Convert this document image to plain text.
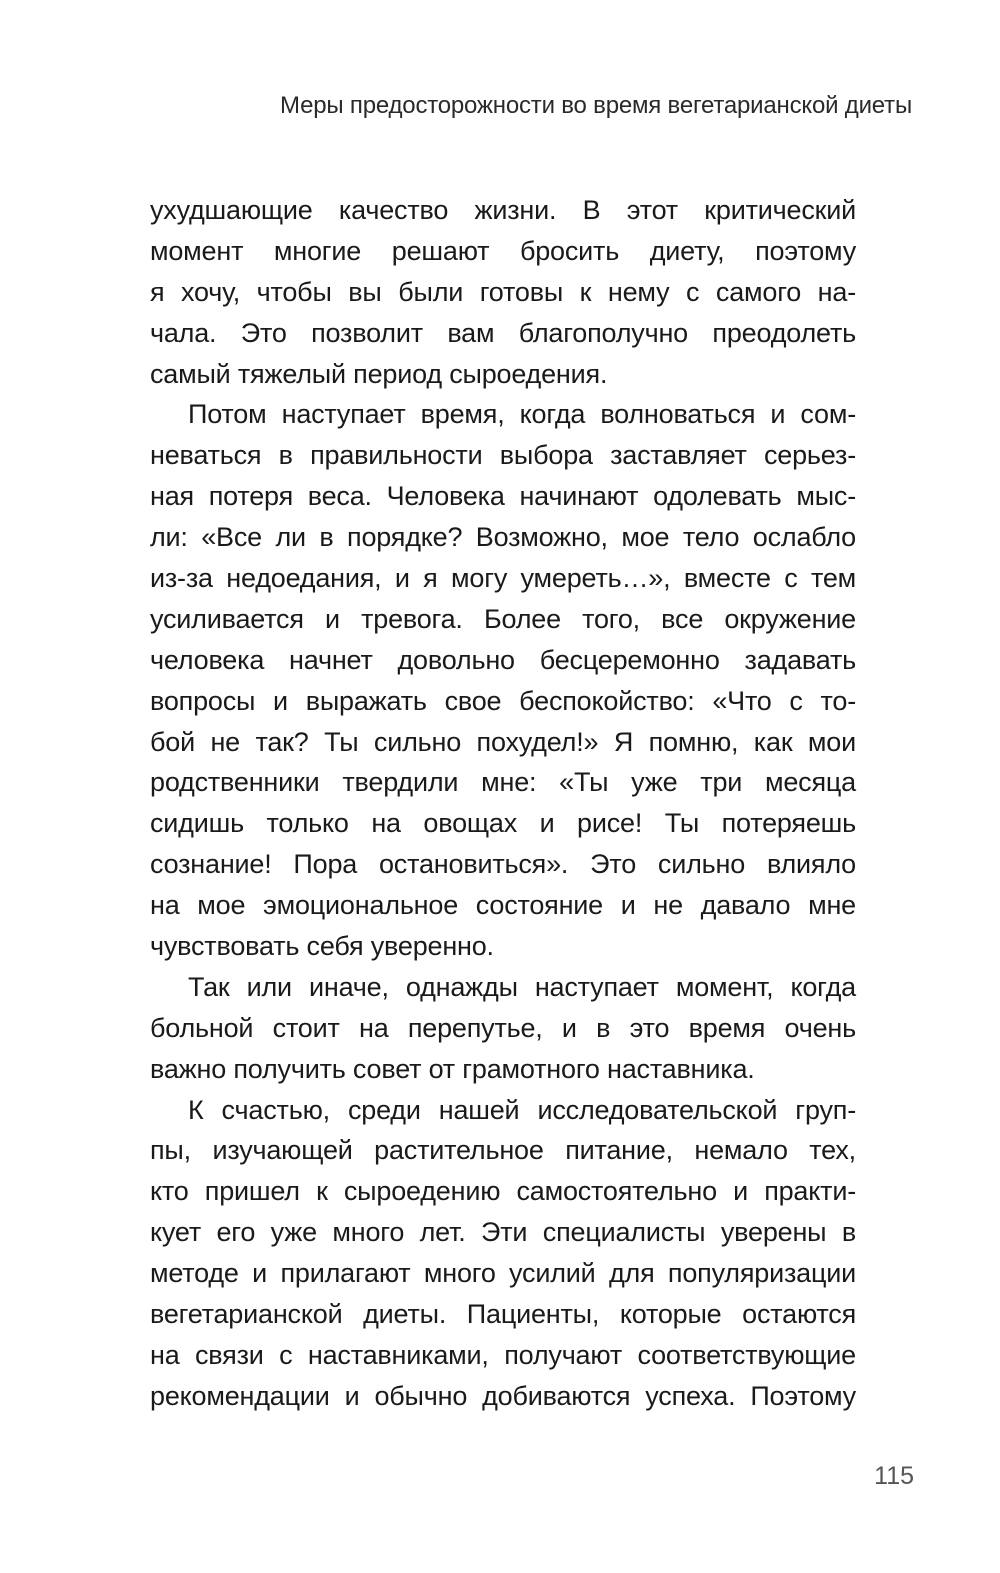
Меры предосторожности во время вегетарианской диеты
ухудшающие качество жизни. В этот критический
момент многие решают бросить диету, поэтому
я хочу, чтобы вы были готовы к нему с самого на-
чала. Это позволит вам благополучно преодолеть
самый тяжелый период сыроедения.
Потом наступает время, когда волноваться и сом-
неваться в правильности выбора заставляет серьез-
ная потеря веса. Человека начинают одолевать мыс-
ли: «Все ли в порядке? Возможно, мое тело ослабло
из-за недоедания, и я могу умереть…», вместе с тем
усиливается и тревога. Более того, все окружение
человека начнет довольно бесцеремонно задавать
вопросы и выражать свое беспокойство: «Что с то-
бой не так? Ты сильно похудел!» Я помню, как мои
родственники твердили мне: «Ты уже три месяца
сидишь только на овощах и рисе! Ты потеряешь
сознание! Пора остановиться». Это сильно влияло
на мое эмоциональное состояние и не давало мне
чувствовать себя уверенно.
Так или иначе, однажды наступает момент, когда
больной стоит на перепутье, и в это время очень
важно получить совет от грамотного наставника.
К счастью, среди нашей исследовательской груп-
пы, изучающей растительное питание, немало тех,
кто пришел к сыроедению самостоятельно и практи-
кует его уже много лет. Эти специалисты уверены в
методе и прилагают много усилий для популяризации
вегетарианской диеты. Пациенты, которые остаются
на связи с наставниками, получают соответствующие
рекомендации и обычно добиваются успеха. Поэтому
115
